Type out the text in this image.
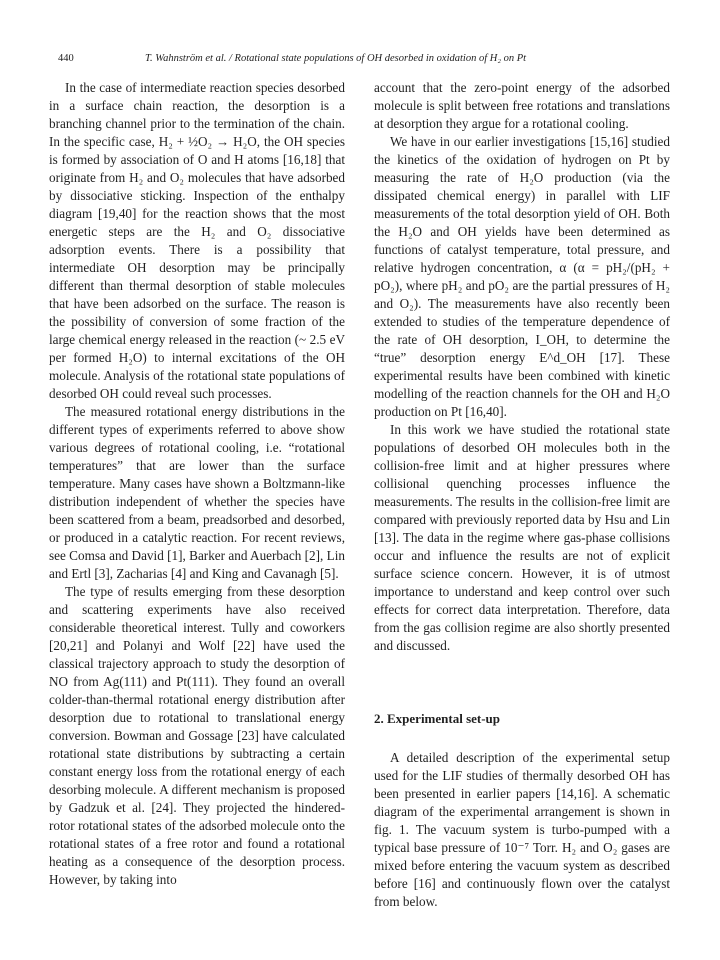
440	T. Wahnström et al. / Rotational state populations of OH desorbed in oxidation of H₂ on Pt

In the case of intermediate reaction species desorbed in a surface chain reaction, the desorption is a branching channel prior to the termination of the chain. In the specific case, H₂ + ½O₂ → H₂O, the OH species is formed by association of O and H atoms [16,18] that originate from H₂ and O₂ molecules that have adsorbed by dissociative sticking. Inspection of the enthalpy diagram [19,40] for the reaction shows that the most energetic steps are the H₂ and O₂ dissociative adsorption events. There is a possibility that intermediate OH desorption may be principally different than thermal desorption of stable molecules that have been adsorbed on the surface. The reason is the possibility of conversion of some fraction of the large chemical energy released in the reaction (~ 2.5 eV per formed H₂O) to internal excitations of the OH molecule. Analysis of the rotational state populations of desorbed OH could reveal such processes.

The measured rotational energy distributions in the different types of experiments referred to above show various degrees of rotational cooling, i.e. “rotational temperatures” that are lower than the surface temperature. Many cases have shown a Boltzmann-like distribution independent of whether the species have been scattered from a beam, preadsorbed and desorbed, or produced in a catalytic reaction. For recent reviews, see Comsa and David [1], Barker and Auerbach [2], Lin and Ertl [3], Zacharias [4] and King and Cavanagh [5].

The type of results emerging from these desorption and scattering experiments have also received considerable theoretical interest. Tully and coworkers [20,21] and Polanyi and Wolf [22] have used the classical trajectory approach to study the desorption of NO from Ag(111) and Pt(111). They found an overall colder-than-thermal rotational energy distribution after desorption due to rotational to translational energy conversion. Bowman and Gossage [23] have calculated rotational state distributions by subtracting a certain constant energy loss from the rotational energy of each desorbing molecule. A different mechanism is proposed by Gadzuk et al. [24]. They projected the hindered-rotor rotational states of the adsorbed molecule onto the rotational states of a free rotor and found a rotational heating as a consequence of the desorption process. However, by taking into

account that the zero-point energy of the adsorbed molecule is split between free rotations and translations at desorption they argue for a rotational cooling.

We have in our earlier investigations [15,16] studied the kinetics of the oxidation of hydrogen on Pt by measuring the rate of H₂O production (via the dissipated chemical energy) in parallel with LIF measurements of the total desorption yield of OH. Both the H₂O and OH yields have been determined as functions of catalyst temperature, total pressure, and relative hydrogen concentration, α (α = pH₂/(pH₂ + pO₂), where pH₂ and pO₂ are the partial pressures of H₂ and O₂). The measurements have also recently been extended to studies of the temperature dependence of the rate of OH desorption, I_OH, to determine the “true” desorption energy E^d_OH [17]. These experimental results have been combined with kinetic modelling of the reaction channels for the OH and H₂O production on Pt [16,40].

In this work we have studied the rotational state populations of desorbed OH molecules both in the collision-free limit and at higher pressures where collisional quenching processes influence the measurements. The results in the collision-free limit are compared with previously reported data by Hsu and Lin [13]. The data in the regime where gas-phase collisions occur and influence the results are not of explicit surface science concern. However, it is of utmost importance to understand and keep control over such effects for correct data interpretation. Therefore, data from the gas collision regime are also shortly presented and discussed.

2. Experimental set-up

A detailed description of the experimental setup used for the LIF studies of thermally desorbed OH has been presented in earlier papers [14,16]. A schematic diagram of the experimental arrangement is shown in fig. 1. The vacuum system is turbo-pumped with a typical base pressure of 10⁻⁷ Torr. H₂ and O₂ gases are mixed before entering the vacuum system as described before [16] and continuously flown over the catalyst from below.
